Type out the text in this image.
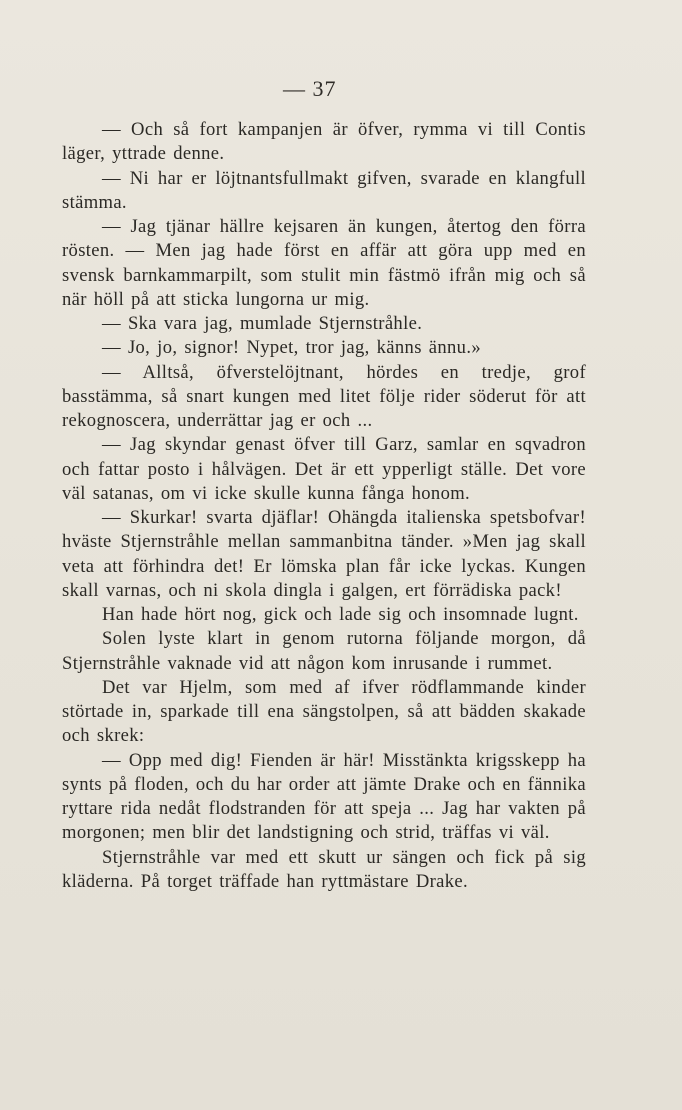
— 37

— Och så fort kampanjen är öfver, rymma vi till Contis läger, yttrade denne.

— Ni har er löjtnantsfullmakt gifven, svarade en klangfull stämma.

— Jag tjänar hällre kejsaren än kungen, återtog den förra rösten. — Men jag hade först en affär att göra upp med en svensk barnkammarpilt, som stulit min fästmö ifrån mig och så när höll på att sticka lungorna ur mig.

— Ska vara jag, mumlade Stjernstråhle.

— Jo, jo, signor! Nypet, tror jag, känns ännu.»

— Alltså, öfverstelöjtnant, hördes en tredje, grof basstämma, så snart kungen med litet följe rider söderut för att rekognoscera, underrättar jag er och ...

— Jag skyndar genast öfver till Garz, samlar en sqvadron och fattar posto i hålvägen. Det är ett ypperligt ställe. Det vore väl satanas, om vi icke skulle kunna fånga honom.

— Skurkar! svarta djäflar! Ohängda italienska spetsbofvar! hväste Stjernstråhle mellan sammanbitna tänder. »Men jag skall veta att förhindra det! Er lömska plan får icke lyckas. Kungen skall varnas, och ni skola dingla i galgen, ert förrädiska pack!

Han hade hört nog, gick och lade sig och insomnade lugnt.

Solen lyste klart in genom rutorna följande morgon, då Stjernstråhle vaknade vid att någon kom inrusande i rummet.

Det var Hjelm, som med af ifver rödflammande kinder störtade in, sparkade till ena sängstolpen, så att bädden skakade och skrek:

— Opp med dig! Fienden är här! Misstänkta krigsskepp ha synts på floden, och du har order att jämte Drake och en fännika ryttare rida nedåt flodstranden för att speja ... Jag har vakten på morgonen; men blir det landstigning och strid, träffas vi väl.

Stjernstråhle var med ett skutt ur sängen och fick på sig kläderna. På torget träffade han ryttmästare Drake.
